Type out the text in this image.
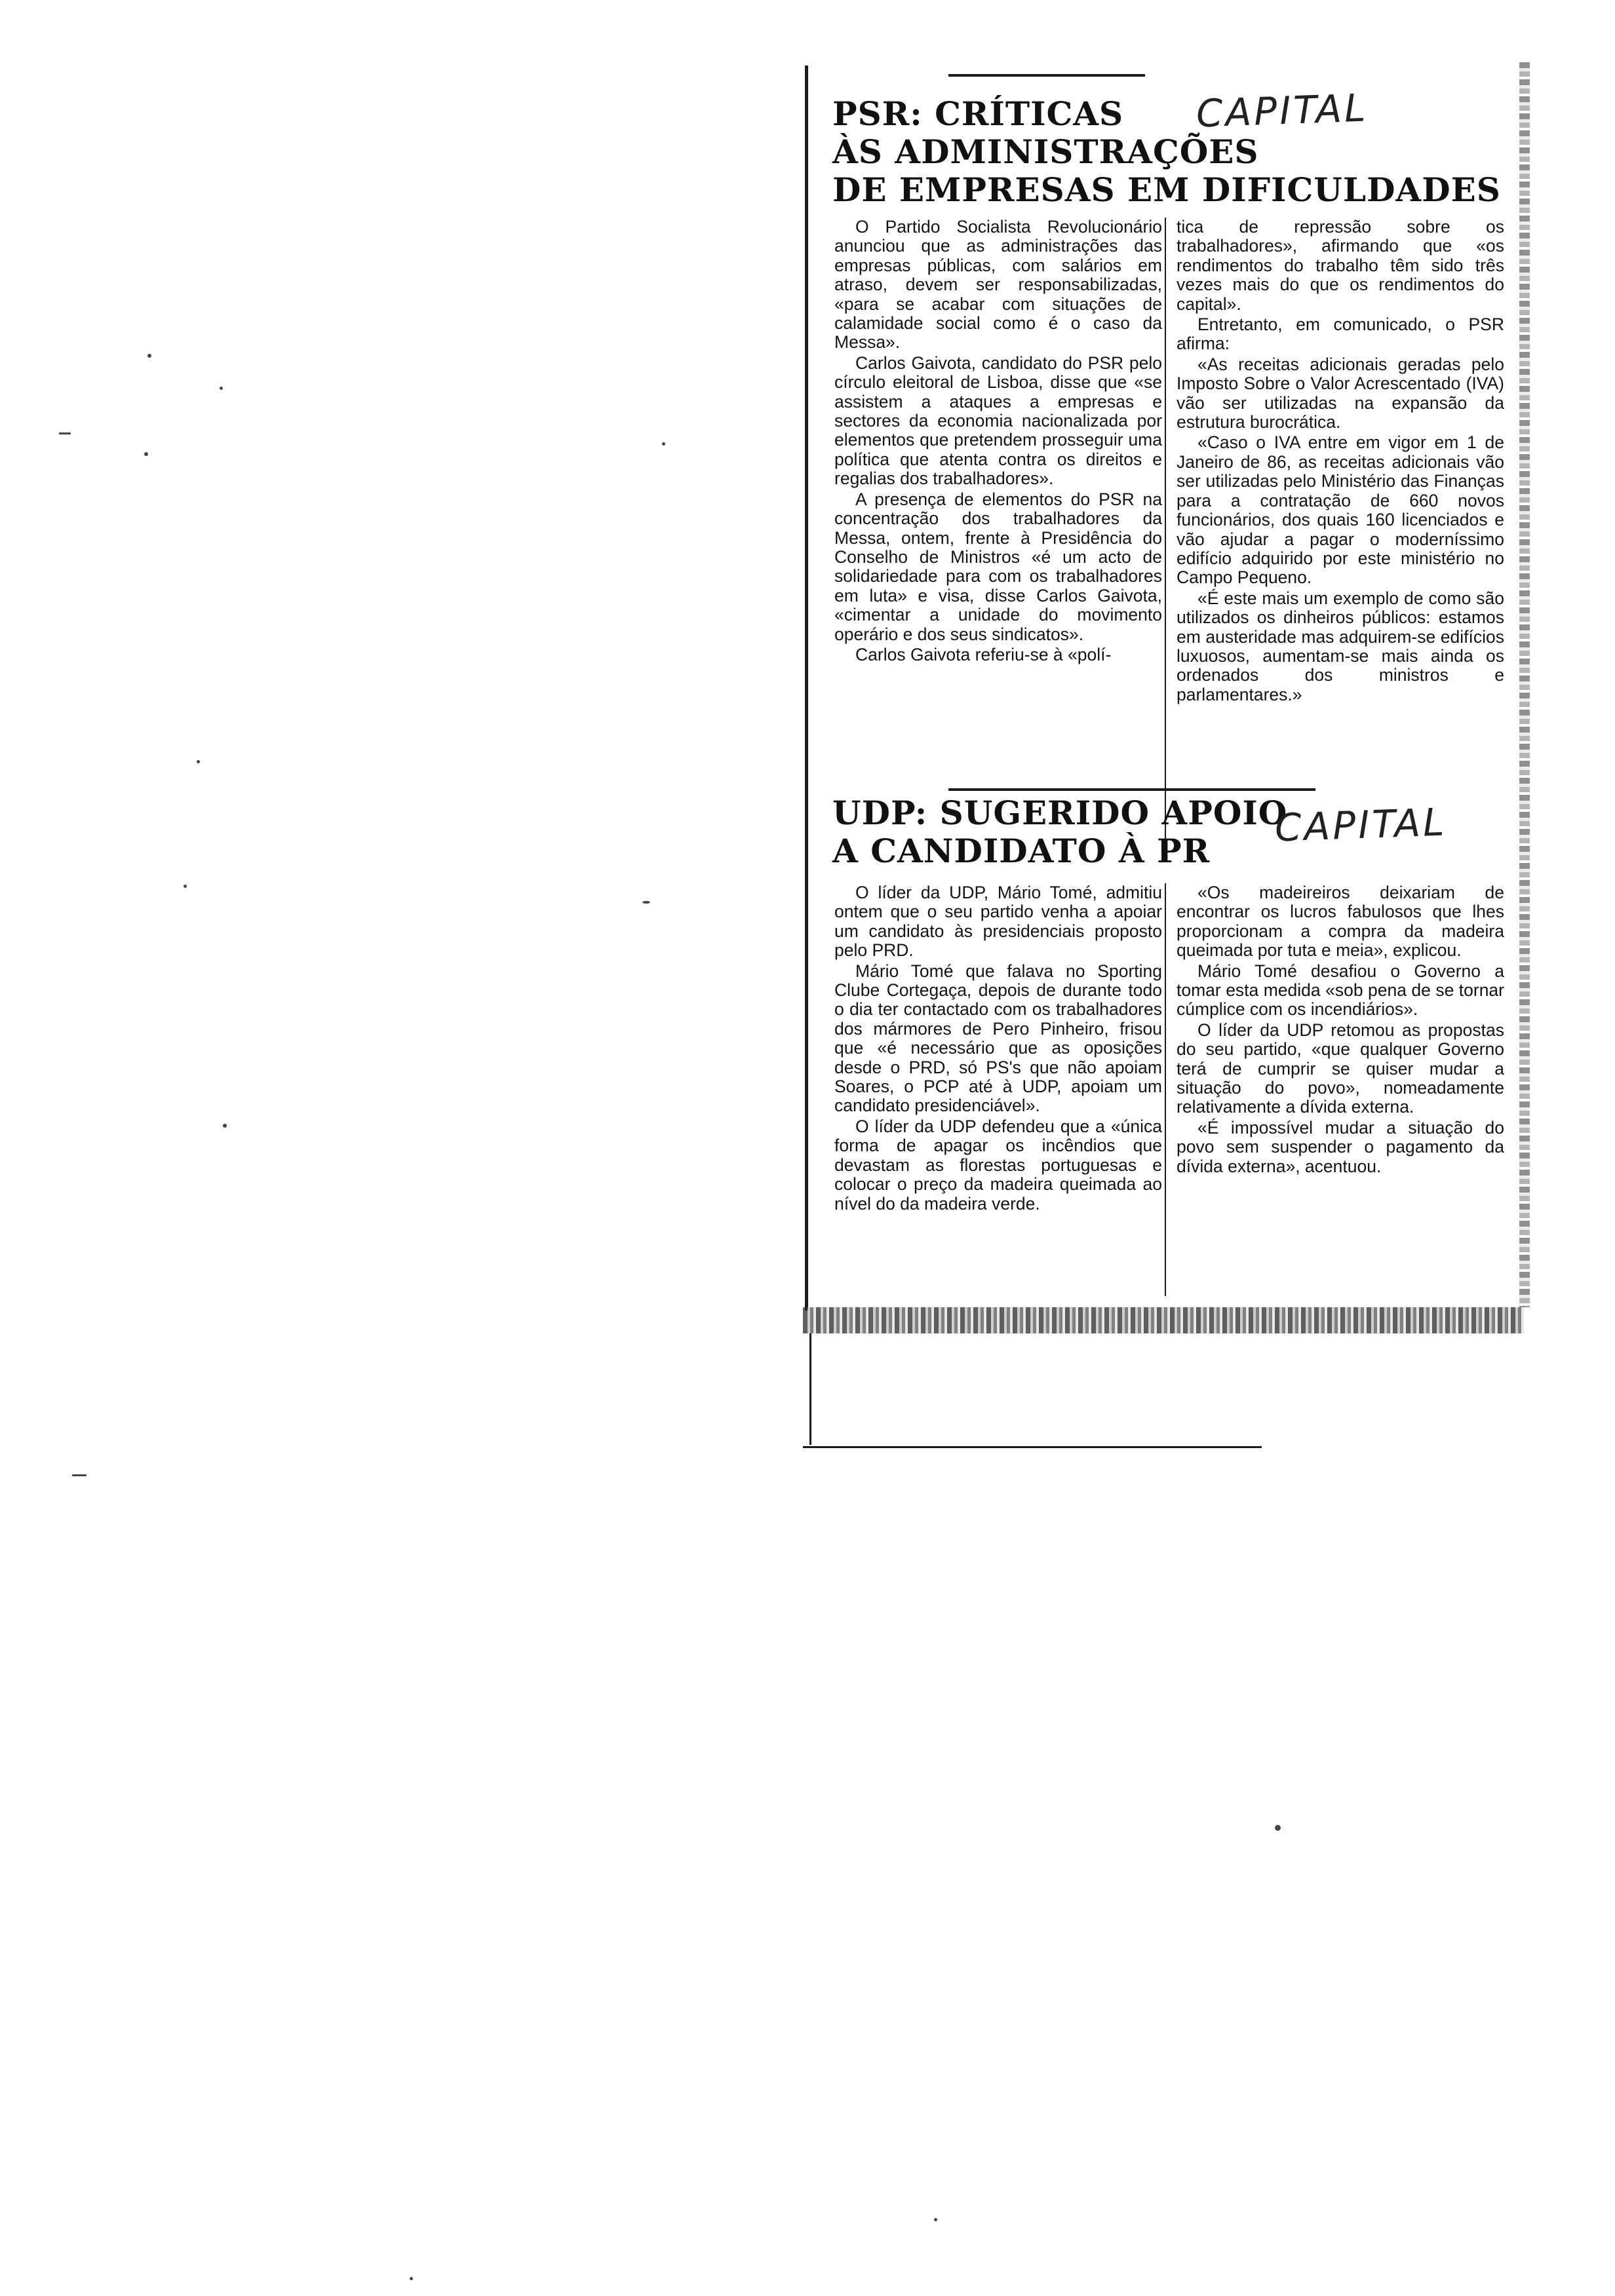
PSR: CRÍTICAS
ÀS ADMINISTRAÇÕES
DE EMPRESAS EM DIFICULDADES
CAPITAL

O Partido Socialista Revolucionário anunciou que as administrações das empresas públicas, com salários em atraso, devem ser responsabilizadas, «para se acabar com situações de calamidade social como é o caso da Messa».

Carlos Gaivota, candidato do PSR pelo círculo eleitoral de Lisboa, disse que «se assistem a ataques a empresas e sectores da economia nacionalizada por elementos que pretendem prosseguir uma política que atenta contra os direitos e regalias dos trabalhadores».

A presença de elementos do PSR na concentração dos trabalhadores da Messa, ontem, frente à Presidência do Conselho de Ministros «é um acto de solidariedade para com os trabalhadores em luta» e visa, disse Carlos Gaivota, «cimentar a unidade do movimento operário e dos seus sindicatos».

Carlos Gaivota referiu-se à «polí-

tica de repressão sobre os trabalhadores», afirmando que «os rendimentos do trabalho têm sido três vezes mais do que os rendimentos do capital».

Entretanto, em comunicado, o PSR afirma:

«As receitas adicionais geradas pelo Imposto Sobre o Valor Acrescentado (IVA) vão ser utilizadas na expansão da estrutura burocrática.

«Caso o IVA entre em vigor em 1 de Janeiro de 86, as receitas adicionais vão ser utilizadas pelo Ministério das Finanças para a contratação de 660 novos funcionários, dos quais 160 licenciados e vão ajudar a pagar o moderníssimo edifício adquirido por este ministério no Campo Pequeno.

«É este mais um exemplo de como são utilizados os dinheiros públicos: estamos em austeridade mas adquirem-se edifícios luxuosos, aumentam-se mais ainda os ordenados dos ministros e parlamentares.»

UDP: SUGERIDO APOIO
A CANDIDATO À PR
CAPITAL

O líder da UDP, Mário Tomé, admitiu ontem que o seu partido venha a apoiar um candidato às presidenciais proposto pelo PRD.

Mário Tomé que falava no Sporting Clube Cortegaça, depois de durante todo o dia ter contactado com os trabalhadores dos mármores de Pero Pinheiro, frisou que «é necessário que as oposições desde o PRD, só PS's que não apoiam Soares, o PCP até à UDP, apoiam um candidato presidenciável».

O líder da UDP defendeu que a «única forma de apagar os incêndios que devastam as florestas portuguesas e colocar o preço da madeira queimada ao nível do da madeira verde.

«Os madeireiros deixariam de encontrar os lucros fabulosos que lhes proporcionam a compra da madeira queimada por tuta e meia», explicou.

Mário Tomé desafiou o Governo a tomar esta medida «sob pena de se tornar cúmplice com os incendiários».

O líder da UDP retomou as propostas do seu partido, «que qualquer Governo terá de cumprir se quiser mudar a situação do povo», nomeadamente relativamente a dívida externa.

«É impossível mudar a situação do povo sem suspender o pagamento da dívida externa», acentuou.
